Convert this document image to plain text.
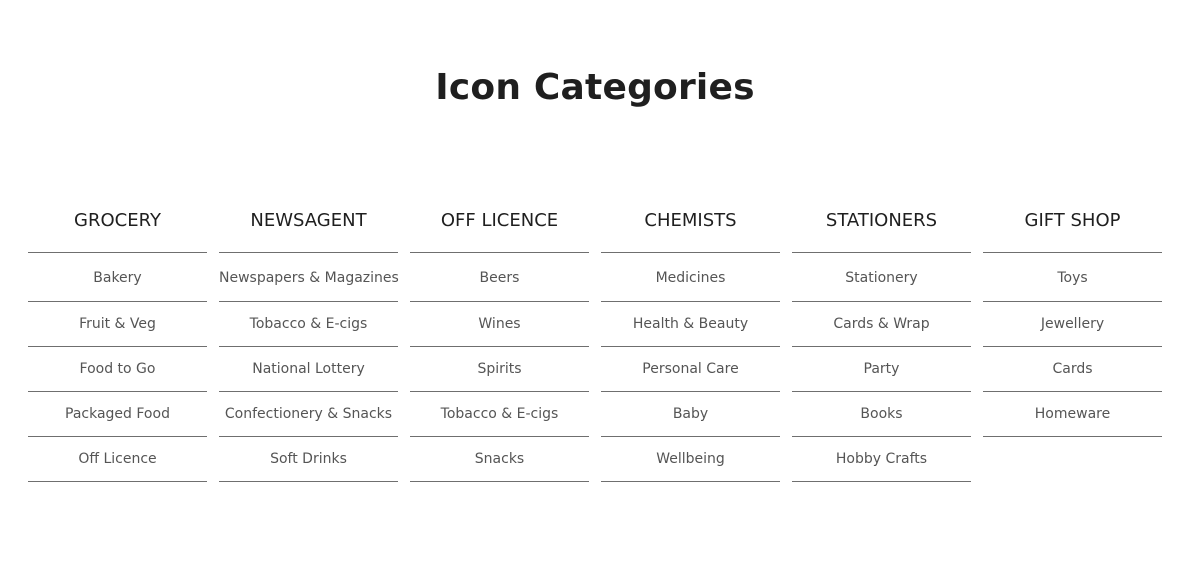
Icon Categories
GROCERY
Bakery
Fruit & Veg
Food to Go
Packaged Food
Off Licence
NEWSAGENT
Newspapers & Magazines
Tobacco & E-cigs
National Lottery
Confectionery & Snacks
Soft Drinks
OFF LICENCE
Beers
Wines
Spirits
Tobacco & E-cigs
Snacks
CHEMISTS
Medicines
Health & Beauty
Personal Care
Baby
Wellbeing
STATIONERS
Stationery
Cards & Wrap
Party
Books
Hobby Crafts
GIFT SHOP
Toys
Jewellery
Cards
Homeware
